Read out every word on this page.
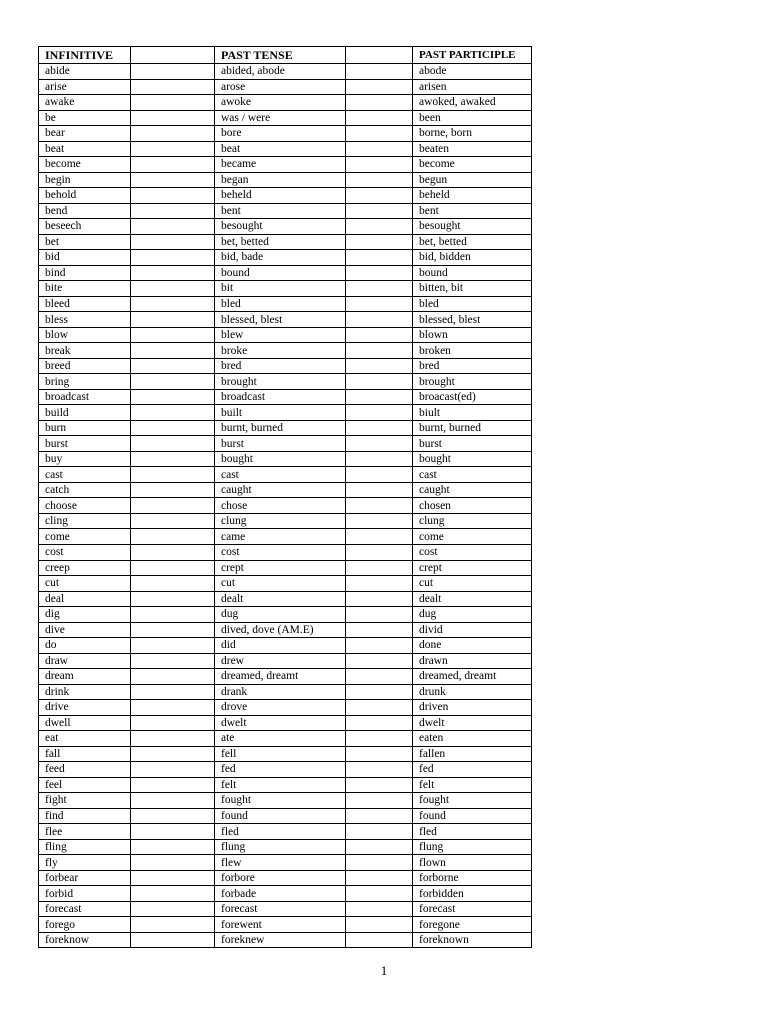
INFINITIVE		PAST TENSE		PAST PARTICIPLE
abide		abided, abode		abode
arise		arose		arisen
awake		awoke		awoked, awaked
be		was / were		been
bear		bore		borne, born
beat		beat		beaten
become		became		become
begin		began		begun
behold		beheld		beheld
bend		bent		bent
beseech		besought		besought
bet		bet, betted		bet, betted
bid		bid, bade		bid, bidden
bind		bound		bound
bite		bit		bitten, bit
bleed		bled		bled
bless		blessed, blest		blessed, blest
blow		blew		blown
break		broke		broken
breed		bred		bred
bring		brought		brought
broadcast		broadcast		broacast(ed)
build		built		biult
burn		burnt, burned		burnt, burned
burst		burst		burst
buy		bought		bought
cast		cast		cast
catch		caught		caught
choose		chose		chosen
cling		clung		clung
come		came		come
cost		cost		cost
creep		crept		crept
cut		cut		cut
deal		dealt		dealt
dig		dug		dug
dive		dived, dove (AM.E)		divid
do		did		done
draw		drew		drawn
dream		dreamed, dreamt		dreamed, dreamt
drink		drank		drunk
drive		drove		driven
dwell		dwelt		dwelt
eat		ate		eaten
fall		fell		fallen
feed		fed		fed
feel		felt		felt
fight		fought		fought
find		found		found
flee		fled		fled
fling		flung		flung
fly		flew		flown
forbear		forbore		forborne
forbid		forbade		forbidden
forecast		forecast		forecast
forego		forewent		foregone
foreknow		foreknew		foreknown
1
